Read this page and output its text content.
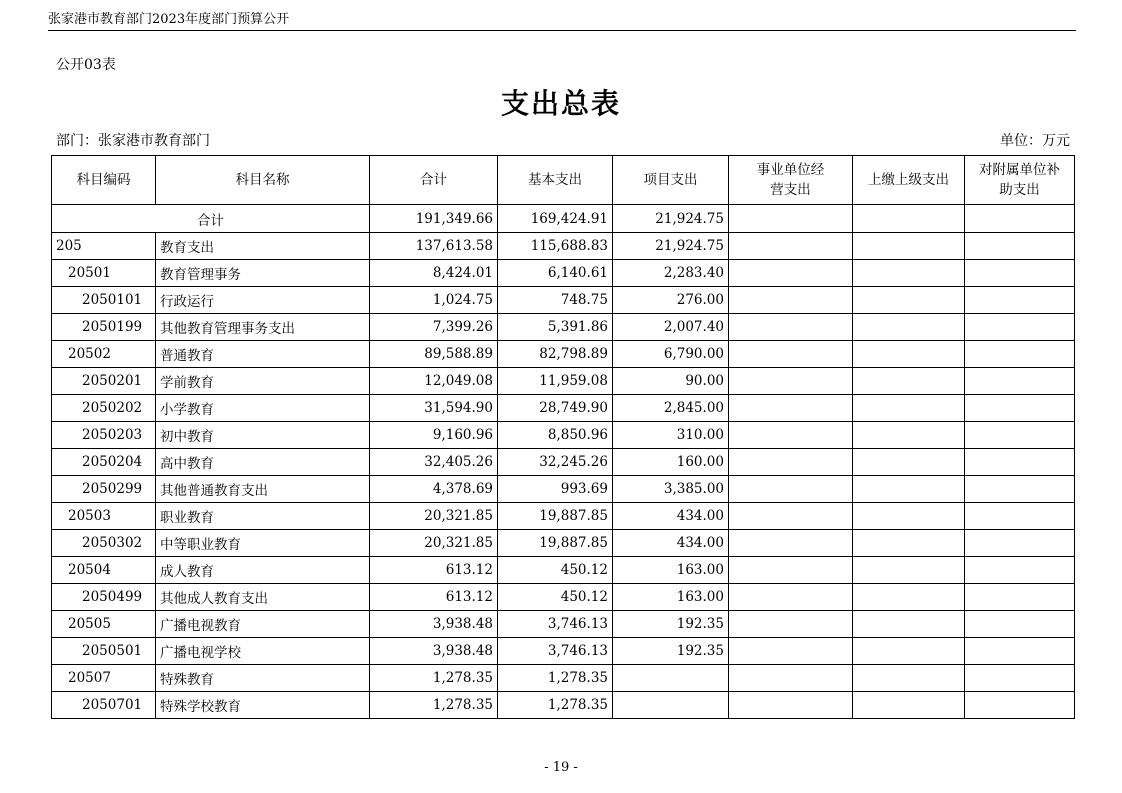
张家港市教育部门2023年度部门预算公开
公开03表
支出总表
部门：张家港市教育部门	单位：万元
科目编码	科目名称	合计	基本支出	项目支出	事业单位经营支出	上缴上级支出	对附属单位补助支出
合计		191,349.66	169,424.91	21,924.75			
205	教育支出	137,613.58	115,688.83	21,924.75			
20501	教育管理事务	8,424.01	6,140.61	2,283.40			
2050101	行政运行	1,024.75	748.75	276.00			
2050199	其他教育管理事务支出	7,399.26	5,391.86	2,007.40			
20502	普通教育	89,588.89	82,798.89	6,790.00			
2050201	学前教育	12,049.08	11,959.08	90.00			
2050202	小学教育	31,594.90	28,749.90	2,845.00			
2050203	初中教育	9,160.96	8,850.96	310.00			
2050204	高中教育	32,405.26	32,245.26	160.00			
2050299	其他普通教育支出	4,378.69	993.69	3,385.00			
20503	职业教育	20,321.85	19,887.85	434.00			
2050302	中等职业教育	20,321.85	19,887.85	434.00			
20504	成人教育	613.12	450.12	163.00			
2050499	其他成人教育支出	613.12	450.12	163.00			
20505	广播电视教育	3,938.48	3,746.13	192.35			
2050501	广播电视学校	3,938.48	3,746.13	192.35			
20507	特殊教育	1,278.35	1,278.35				
2050701	特殊学校教育	1,278.35	1,278.35				
- 19 -
